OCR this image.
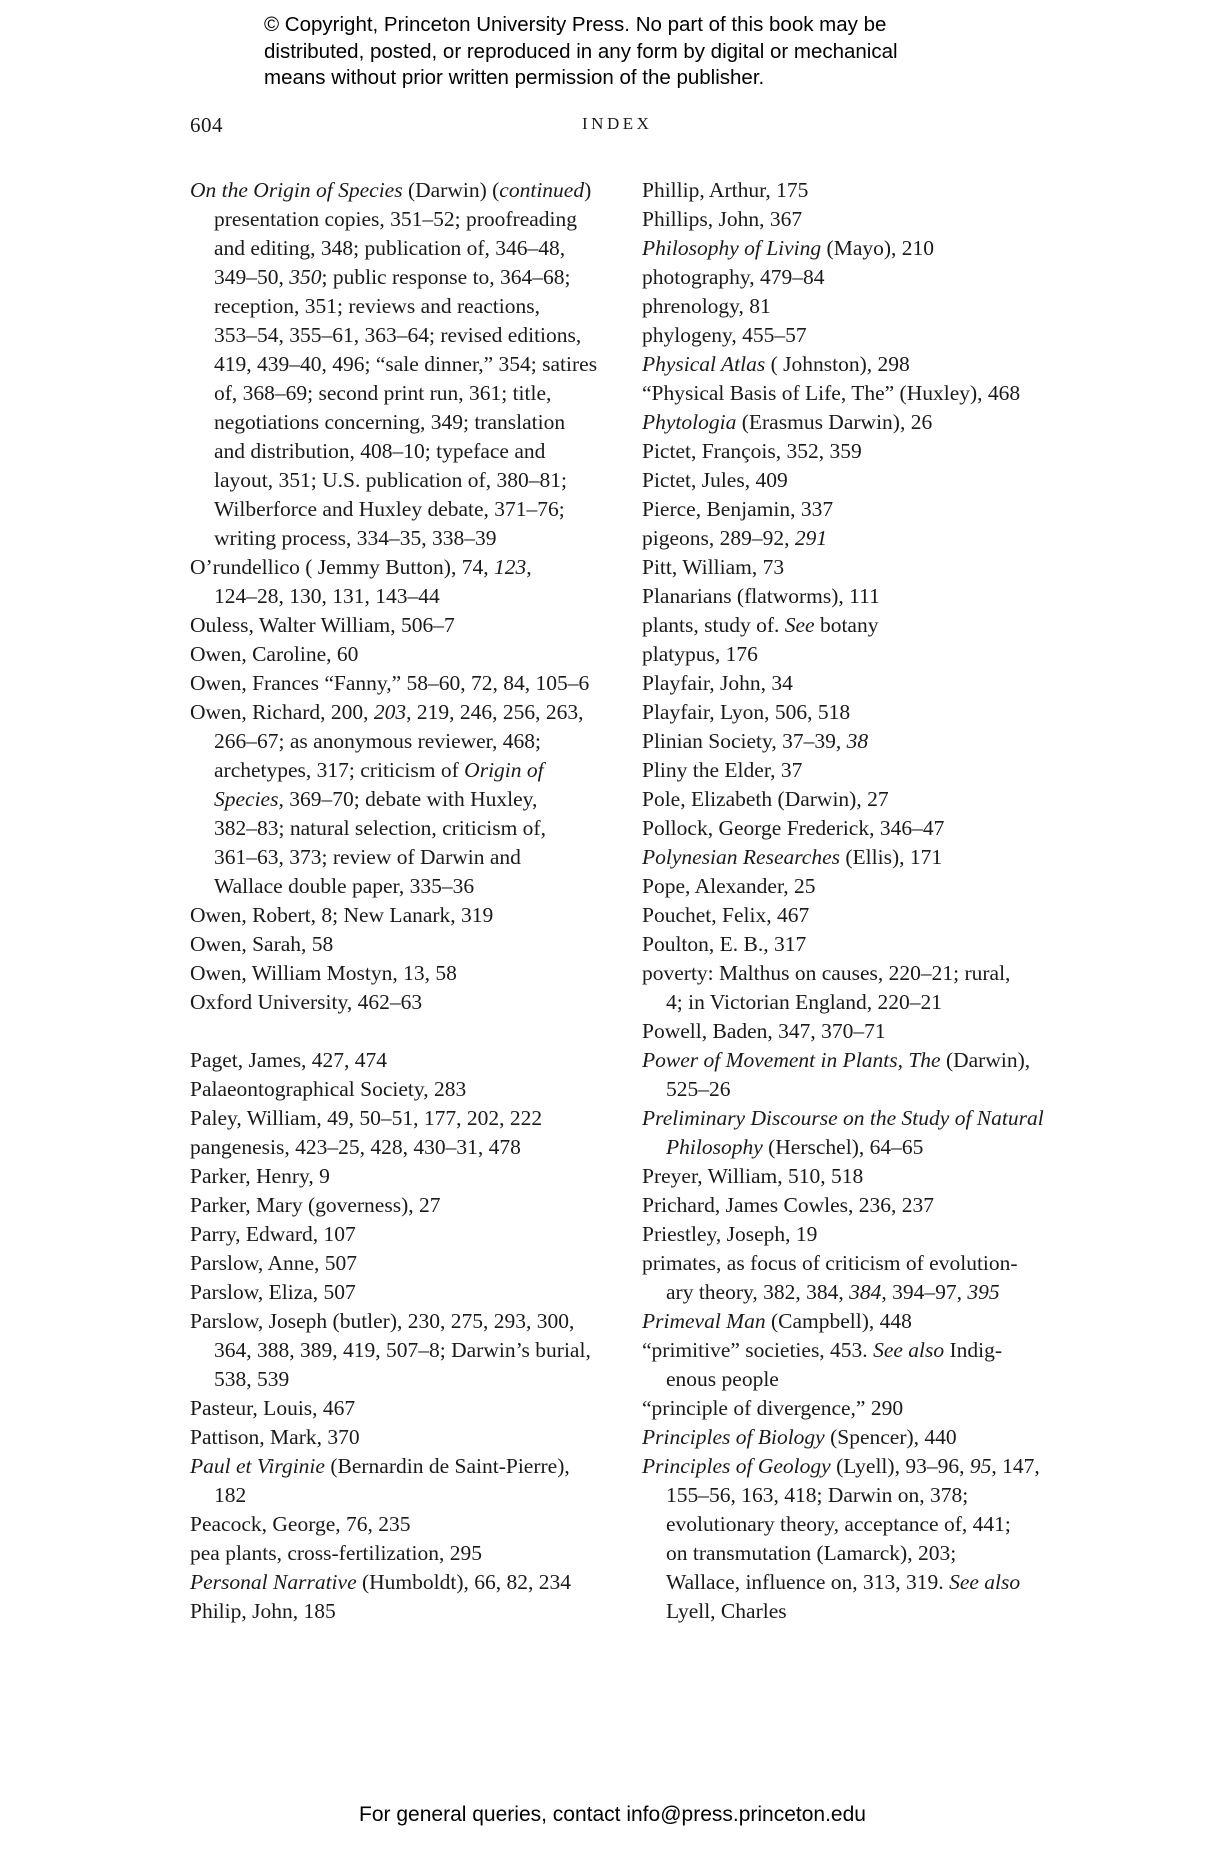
© Copyright, Princeton University Press. No part of this book may be
distributed, posted, or reproduced in any form by digital or mechanical
means without prior written permission of the publisher.
604	INDEX
On the Origin of Species (Darwin) (continued)
presentation copies, 351–52; proofreading
and editing, 348; publication of, 346–48,
349–50, 350; public response to, 364–68;
reception, 351; reviews and reactions,
353–54, 355–61, 363–64; revised editions,
419, 439–40, 496; “sale dinner,” 354; satires
of, 368–69; second print run, 361; title,
negotiations concerning, 349; translation
and distribution, 408–10; typeface and
layout, 351; U.S. publication of, 380–81;
Wilberforce and Huxley debate, 371–76;
writing process, 334–35, 338–39
O’rundellico ( Jemmy Button), 74, 123,
124–28, 130, 131, 143–44
Ouless, Walter William, 506–7
Owen, Caroline, 60
Owen, Frances “Fanny,” 58–60, 72, 84, 105–6
Owen, Richard, 200, 203, 219, 246, 256, 263,
266–67; as anonymous reviewer, 468;
archetypes, 317; criticism of Origin of
Species, 369–70; debate with Huxley,
382–83; natural selection, criticism of,
361–63, 373; review of Darwin and
Wallace double paper, 335–36
Owen, Robert, 8; New Lanark, 319
Owen, Sarah, 58
Owen, William Mostyn, 13, 58
Oxford University, 462–63
Paget, James, 427, 474
Palaeontographical Society, 283
Paley, William, 49, 50–51, 177, 202, 222
pangenesis, 423–25, 428, 430–31, 478
Parker, Henry, 9
Parker, Mary (governess), 27
Parry, Edward, 107
Parslow, Anne, 507
Parslow, Eliza, 507
Parslow, Joseph (butler), 230, 275, 293, 300,
364, 388, 389, 419, 507–8; Darwin’s burial,
538, 539
Pasteur, Louis, 467
Pattison, Mark, 370
Paul et Virginie (Bernardin de Saint-Pierre),
182
Peacock, George, 76, 235
pea plants, cross-fertilization, 295
Personal Narrative (Humboldt), 66, 82, 234
Philip, John, 185
Phillip, Arthur, 175
Phillips, John, 367
Philosophy of Living (Mayo), 210
photography, 479–84
phrenology, 81
phylogeny, 455–57
Physical Atlas ( Johnston), 298
“Physical Basis of Life, The” (Huxley), 468
Phytologia (Erasmus Darwin), 26
Pictet, François, 352, 359
Pictet, Jules, 409
Pierce, Benjamin, 337
pigeons, 289–92, 291
Pitt, William, 73
Planarians (flatworms), 111
plants, study of. See botany
platypus, 176
Playfair, John, 34
Playfair, Lyon, 506, 518
Plinian Society, 37–39, 38
Pliny the Elder, 37
Pole, Elizabeth (Darwin), 27
Pollock, George Frederick, 346–47
Polynesian Researches (Ellis), 171
Pope, Alexander, 25
Pouchet, Felix, 467
Poulton, E. B., 317
poverty: Malthus on causes, 220–21; rural,
4; in Victorian England, 220–21
Powell, Baden, 347, 370–71
Power of Movement in Plants, The (Darwin),
525–26
Preliminary Discourse on the Study of Natural
Philosophy (Herschel), 64–65
Preyer, William, 510, 518
Prichard, James Cowles, 236, 237
Priestley, Joseph, 19
primates, as focus of criticism of evolution-
ary theory, 382, 384, 384, 394–97, 395
Primeval Man (Campbell), 448
“primitive” societies, 453. See also Indig-
enous people
“principle of divergence,” 290
Principles of Biology (Spencer), 440
Principles of Geology (Lyell), 93–96, 95, 147,
155–56, 163, 418; Darwin on, 378;
evolutionary theory, acceptance of, 441;
on transmutation (Lamarck), 203;
Wallace, influence on, 313, 319. See also
Lyell, Charles
For general queries, contact info@press.princeton.edu
